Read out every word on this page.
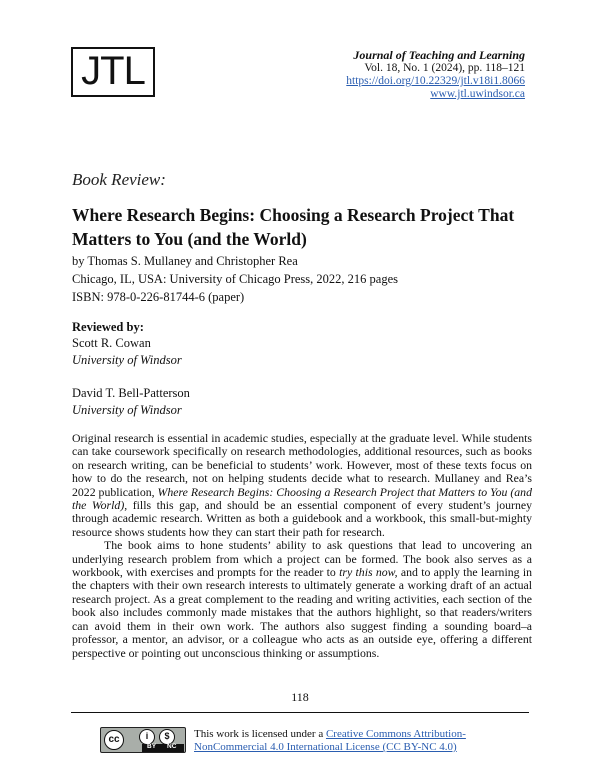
JTL	Journal of Teaching and Learning
Vol. 18, No. 1 (2024), pp. 118–121
https://doi.org/10.22329/jtl.v18i1.8066
www.jtl.uwindsor.ca
Book Review:
Where Research Begins: Choosing a Research Project That Matters to You (and the World)
by Thomas S. Mullaney and Christopher Rea
Chicago, IL, USA: University of Chicago Press, 2022, 216 pages
ISBN: 978-0-226-81744-6 (paper)
Reviewed by:
Scott R. Cowan
University of Windsor
David T. Bell-Patterson
University of Windsor

Original research is essential in academic studies, especially at the graduate level. While students can take coursework specifically on research methodologies, additional resources, such as books on research writing, can be beneficial to students’ work. However, most of these texts focus on how to do the research, not on helping students decide what to research. Mullaney and Rea’s 2022 publication, Where Research Begins: Choosing a Research Project that Matters to You (and the World), fills this gap, and should be an essential component of every student’s journey through academic research. Written as both a guidebook and a workbook, this small-but-mighty resource shows students how they can start their path for research.

The book aims to hone students’ ability to ask questions that lead to uncovering an underlying research problem from which a project can be formed. The book also serves as a workbook, with exercises and prompts for the reader to try this now, and to apply the learning in the chapters with their own research interests to ultimately generate a working draft of an actual research project. As a great complement to the reading and writing activities, each section of the book also includes commonly made mistakes that the authors highlight, so that readers/writers can avoid them in their own work. The authors also suggest finding a sounding board–a professor, a mentor, an advisor, or a colleague who acts as an outside eye, offering a different perspective or pointing out unconscious thinking or assumptions.

118
cc	i	$
BY NC
This work is licensed under a Creative Commons Attribution-NonCommercial 4.0 International License (CC BY-NC 4.0)
